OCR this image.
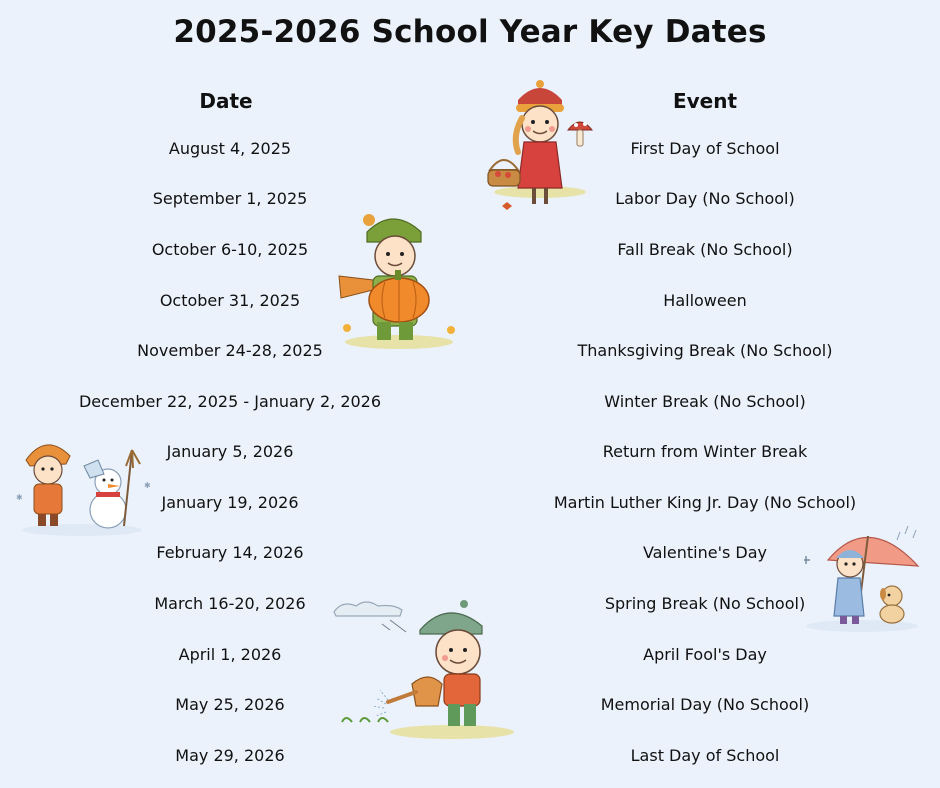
2025-2026 School Year Key Dates
Date	Event
August 4, 2025	First Day of School
September 1, 2025	Labor Day (No School)
October 6-10, 2025	Fall Break (No School)
October 31, 2025	Halloween
November 24-28, 2025	Thanksgiving Break (No School)
December 22, 2025 - January 2, 2026	Winter Break (No School)
January 5, 2026	Return from Winter Break
January 19, 2026	Martin Luther King Jr. Day (No School)
February 14, 2026	Valentine's Day
March 16-20, 2026	Spring Break (No School)
April 1, 2026	April Fool's Day
May 25, 2026	Memorial Day (No School)
May 29, 2026	Last Day of School
✱
✱
